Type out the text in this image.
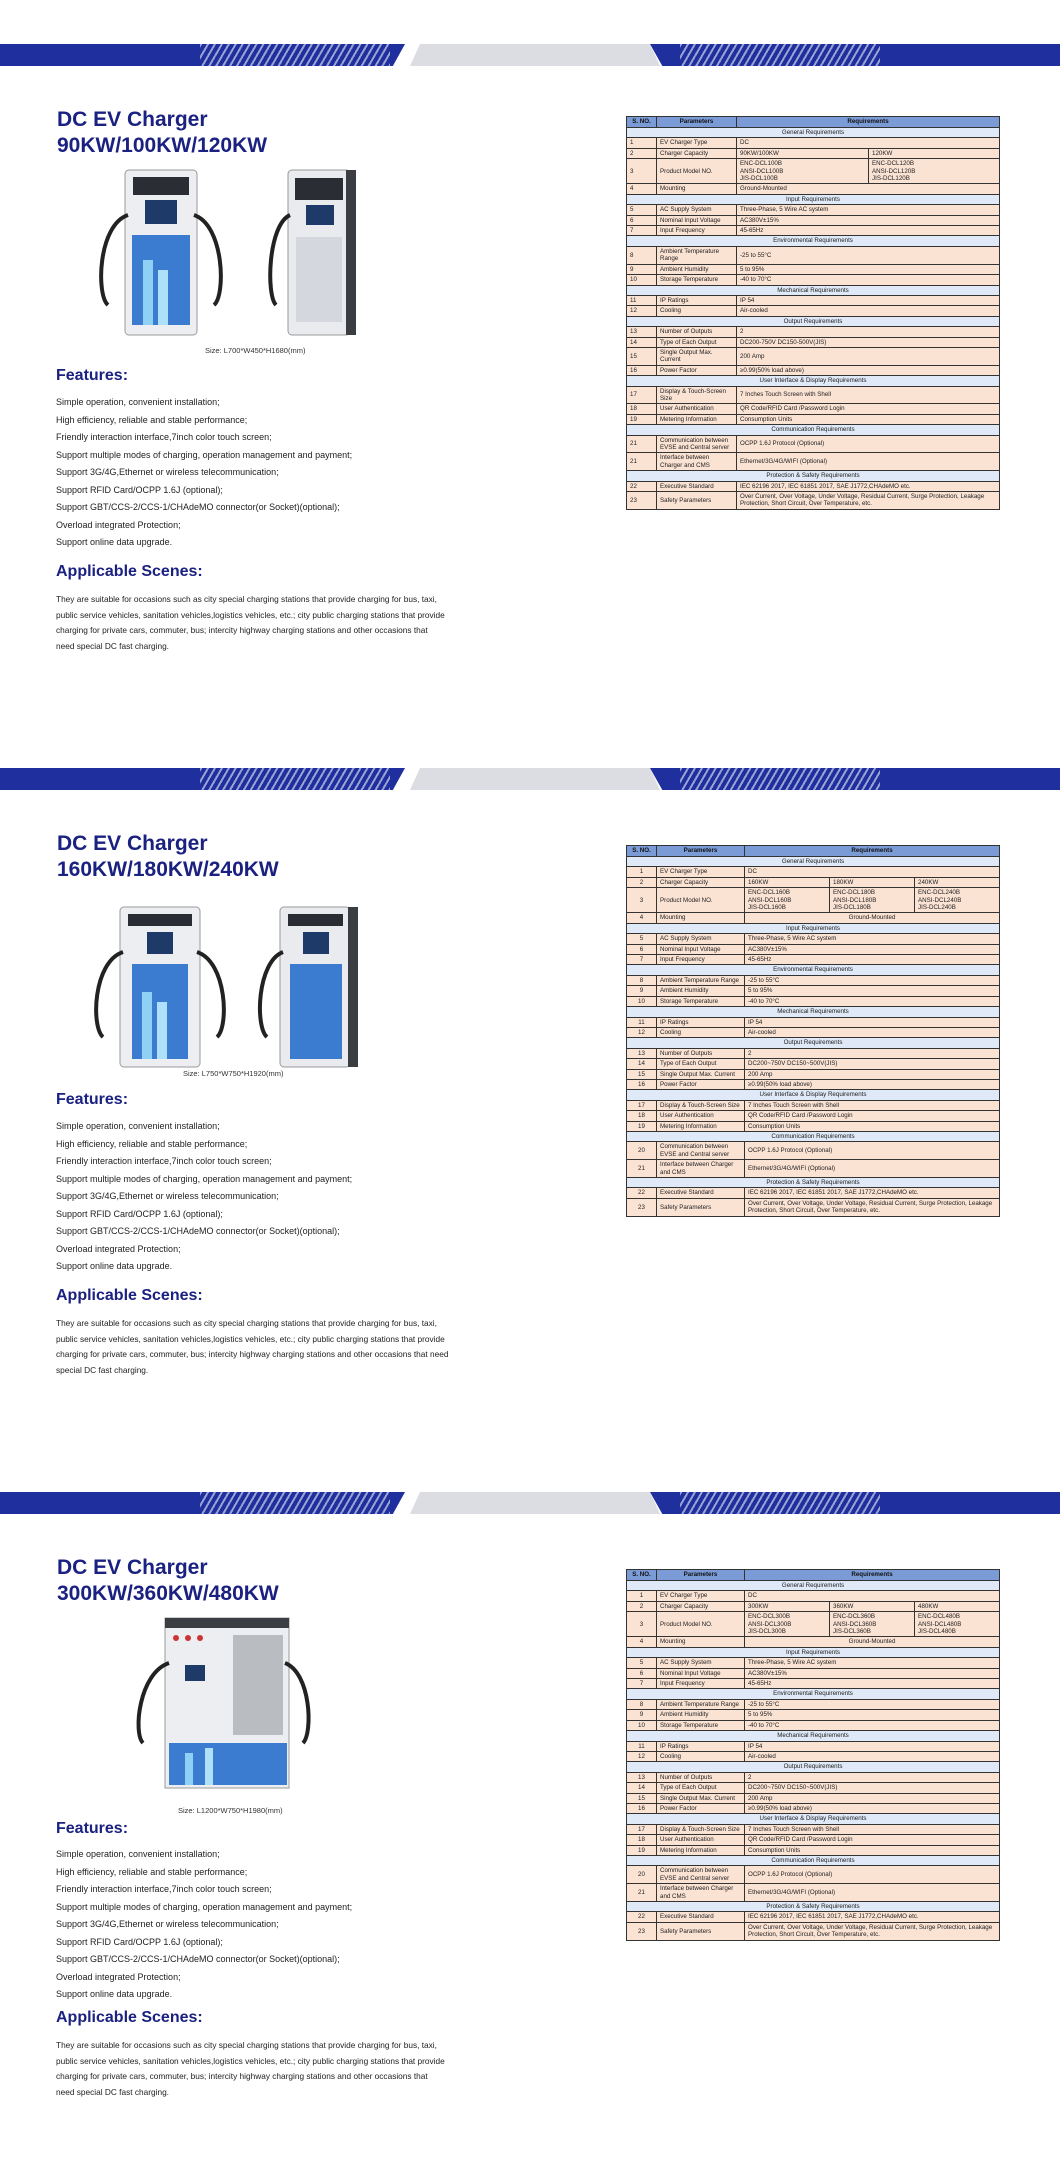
DC EV Charger
90KW/100KW/120KW
Size: L700*W450*H1680(mm)
Features:
Simple operation, convenient installation;
High efficiency, reliable and stable performance;
Friendly interaction interface,7inch color touch screen;
Support multiple modes of charging, operation management and payment;
Support 3G/4G,Ethernet or wireless telecommunication;
Support RFID Card/OCPP 1.6J (optional);
Support GBT/CCS-2/CCS-1/CHAdeMO connector(or Socket)(optional);
Overload integrated Protection;
Support online data upgrade.
Applicable Scenes:
They are suitable for occasions such as city special charging stations that provide charging for bus, taxi, public service vehicles, sanitation vehicles,logistics vehicles, etc.; city public charging stations that provide charging for private cars, commuter, bus; intercity highway charging stations and other occasions that need special DC fast charging.
S. NO.	Parameters	Requirements	
General Requirements			
1	EV Charger Type	DC	
2	Charger Capacity	90KW/100KW	120KW
3	Product Model NO.	ENC-DCL100B
ANSI-DCL100B
JIS-DCL100B	ENC-DCL120B
ANSI-DCL120B
JIS-DCL120B
4	Mounting	Ground-Mounted	
Input Requirements			
5	AC Supply System	Three-Phase, 5 Wire AC system	
6	Nominal Input Voltage	AC380V±15%	
7	Input Frequency	45-65Hz	
Environmental Requirements			
8	Ambient Temperature Range	-25 to 55°C	
9	Ambient Humidity	5 to 95%	
10	Storage Temperature	-40 to 70°C	
Mechanical Requirements			
11	IP Ratings	IP 54	
12	Cooling	Air-cooled	
Output Requirements			
13	Number of Outputs	2	
14	Type of Each Output	DC200-750V DC150-500V(JIS)	
15	Single Output Max. Current	200 Amp	
16	Power Factor	≥0.99(50% load above)	
User Interface & Display Requirements			
17	Display & Touch-Screen Size	7 Inches Touch Screen with Shell	
18	User Authentication	QR Code/RFID Card /Password Login	
19	Metering Information	Consumption Units	
Communication Requirements			
21	Communication between EVSE and Central server	OCPP 1.6J Protocol (Optional)	
21	Interface between Charger and CMS	Ethernet/3G/4G/WIFI (Optional)	
Protection & Safety Requirements			
22	Executive Standard	IEC 62196 2017, IEC 61851 2017, SAE J1772,CHAdeMO etc.	
23	Safety Parameters	Over Current, Over Voltage, Under Voltage, Residual Current, Surge Protection, Leakage Protection, Short Circuit, Over Temperature, etc.	
DC EV Charger
160KW/180KW/240KW
Size: L750*W750*H1920(mm)
Features:
Simple operation, convenient installation;
High efficiency, reliable and stable performance;
Friendly interaction interface,7inch color touch screen;
Support multiple modes of charging, operation management and payment;
Support 3G/4G,Ethernet or wireless telecommunication;
Support RFID Card/OCPP 1.6J (optional);
Support GBT/CCS-2/CCS-1/CHAdeMO connector(or Socket)(optional);
Overload integrated Protection;
Support online data upgrade.
Applicable Scenes:
They are suitable for occasions such as city special charging stations that provide charging for bus, taxi, public service vehicles, sanitation vehicles,logistics vehicles, etc.; city public charging stations that provide charging for private cars, commuter, bus; intercity highway charging stations and other occasions that need special DC fast charging.
S. NO.	Parameters	Requirements		
General Requirements				
1	EV Charger Type	DC		
2	Charger Capacity	160KW	180KW	240KW
3	Product Model NO.	ENC-DCL160B
ANSI-DCL160B
JIS-DCL160B	ENC-DCL180B
ANSI-DCL180B
JIS-DCL180B	ENC-DCL240B
ANSI-DCL240B
JIS-DCL240B
4	Mounting	Ground-Mounted		
Input Requirements				
5	AC Supply System	Three-Phase, 5 Wire AC system		
6	Nominal Input Voltage	AC380V±15%		
7	Input Frequency	45-65Hz		
Environmental Requirements				
8	Ambient Temperature Range	-25 to 55°C		
9	Ambient Humidity	5 to 95%		
10	Storage Temperature	-40 to 70°C		
Mechanical Requirements				
11	IP Ratings	IP 54		
12	Cooling	Air-cooled		
Output Requirements				
13	Number of Outputs	2		
14	Type of Each Output	DC200~750V DC150~500V(JIS)		
15	Single Output Max. Current	200 Amp		
16	Power Factor	≥0.99(50% load above)		
User Interface & Display Requirements				
17	Display & Touch-Screen Size	7 Inches Touch Screen with Shell		
18	User Authentication	QR Code/RFID Card /Password Login		
19	Metering Information	Consumption Units		
Communication Requirements				
20	Communication between EVSE and Central server	OCPP 1.6J Protocol (Optional)		
21	Interface between Charger and CMS	Ethernet/3G/4G/WIFI (Optional)		
Protection & Safety Requirements				
22	Executive Standard	IEC 62196 2017, IEC 61851 2017, SAE J1772,CHAdeMO etc.		
23	Safety Parameters	Over Current, Over Voltage, Under Voltage, Residual Current, Surge Protection, Leakage Protection, Short Circuit, Over Temperature, etc.		
DC EV Charger
300KW/360KW/480KW
Size: L1200*W750*H1980(mm)
Features:
Simple operation, convenient installation;
High efficiency, reliable and stable performance;
Friendly interaction interface,7inch color touch screen;
Support multiple modes of charging, operation management and payment;
Support 3G/4G,Ethernet or wireless telecommunication;
Support RFID Card/OCPP 1.6J (optional);
Support GBT/CCS-2/CCS-1/CHAdeMO connector(or Socket)(optional);
Overload integrated Protection;
Support online data upgrade.
Applicable Scenes:
They are suitable for occasions such as city special charging stations that provide charging for bus, taxi, public service vehicles, sanitation vehicles,logistics vehicles, etc.; city public charging stations that provide charging for private cars, commuter, bus; intercity highway charging stations and other occasions that need special DC fast charging.
S. NO.	Parameters	Requirements		
General Requirements				
1	EV Charger Type	DC		
2	Charger Capacity	300KW	360KW	480KW
3	Product Model NO.	ENC-DCL300B
ANSI-DCL300B
JIS-DCL300B	ENC-DCL360B
ANSI-DCL360B
JIS-DCL360B	ENC-DCL480B
ANSI-DCL480B
JIS-DCL480B
4	Mounting	Ground-Mounted		
Input Requirements				
5	AC Supply System	Three-Phase, 5 Wire AC system		
6	Nominal Input Voltage	AC380V±15%		
7	Input Frequency	45-65Hz		
Environmental Requirements				
8	Ambient Temperature Range	-25 to 55°C		
9	Ambient Humidity	5 to 95%		
10	Storage Temperature	-40 to 70°C		
Mechanical Requirements				
11	IP Ratings	IP 54		
12	Cooling	Air-cooled		
Output Requirements				
13	Number of Outputs	2		
14	Type of Each Output	DC200~750V DC150~500V(JIS)		
15	Single Output Max. Current	200 Amp		
16	Power Factor	≥0.99(50% load above)		
User Interface & Display Requirements				
17	Display & Touch-Screen Size	7 Inches Touch Screen with Shell		
18	User Authentication	QR Code/RFID Card /Password Login		
19	Metering Information	Consumption Units		
Communication Requirements				
20	Communication between EVSE and Central server	OCPP 1.6J Protocol (Optional)		
21	Interface between Charger and CMS	Ethernet/3G/4G/WIFI (Optional)		
Protection & Safety Requirements				
22	Executive Standard	IEC 62196 2017, IEC 61851 2017, SAE J1772,CHAdeMO etc.		
23	Safety Parameters	Over Current, Over Voltage, Under Voltage, Residual Current, Surge Protection, Leakage Protection, Short Circuit, Over Temperature, etc.		
